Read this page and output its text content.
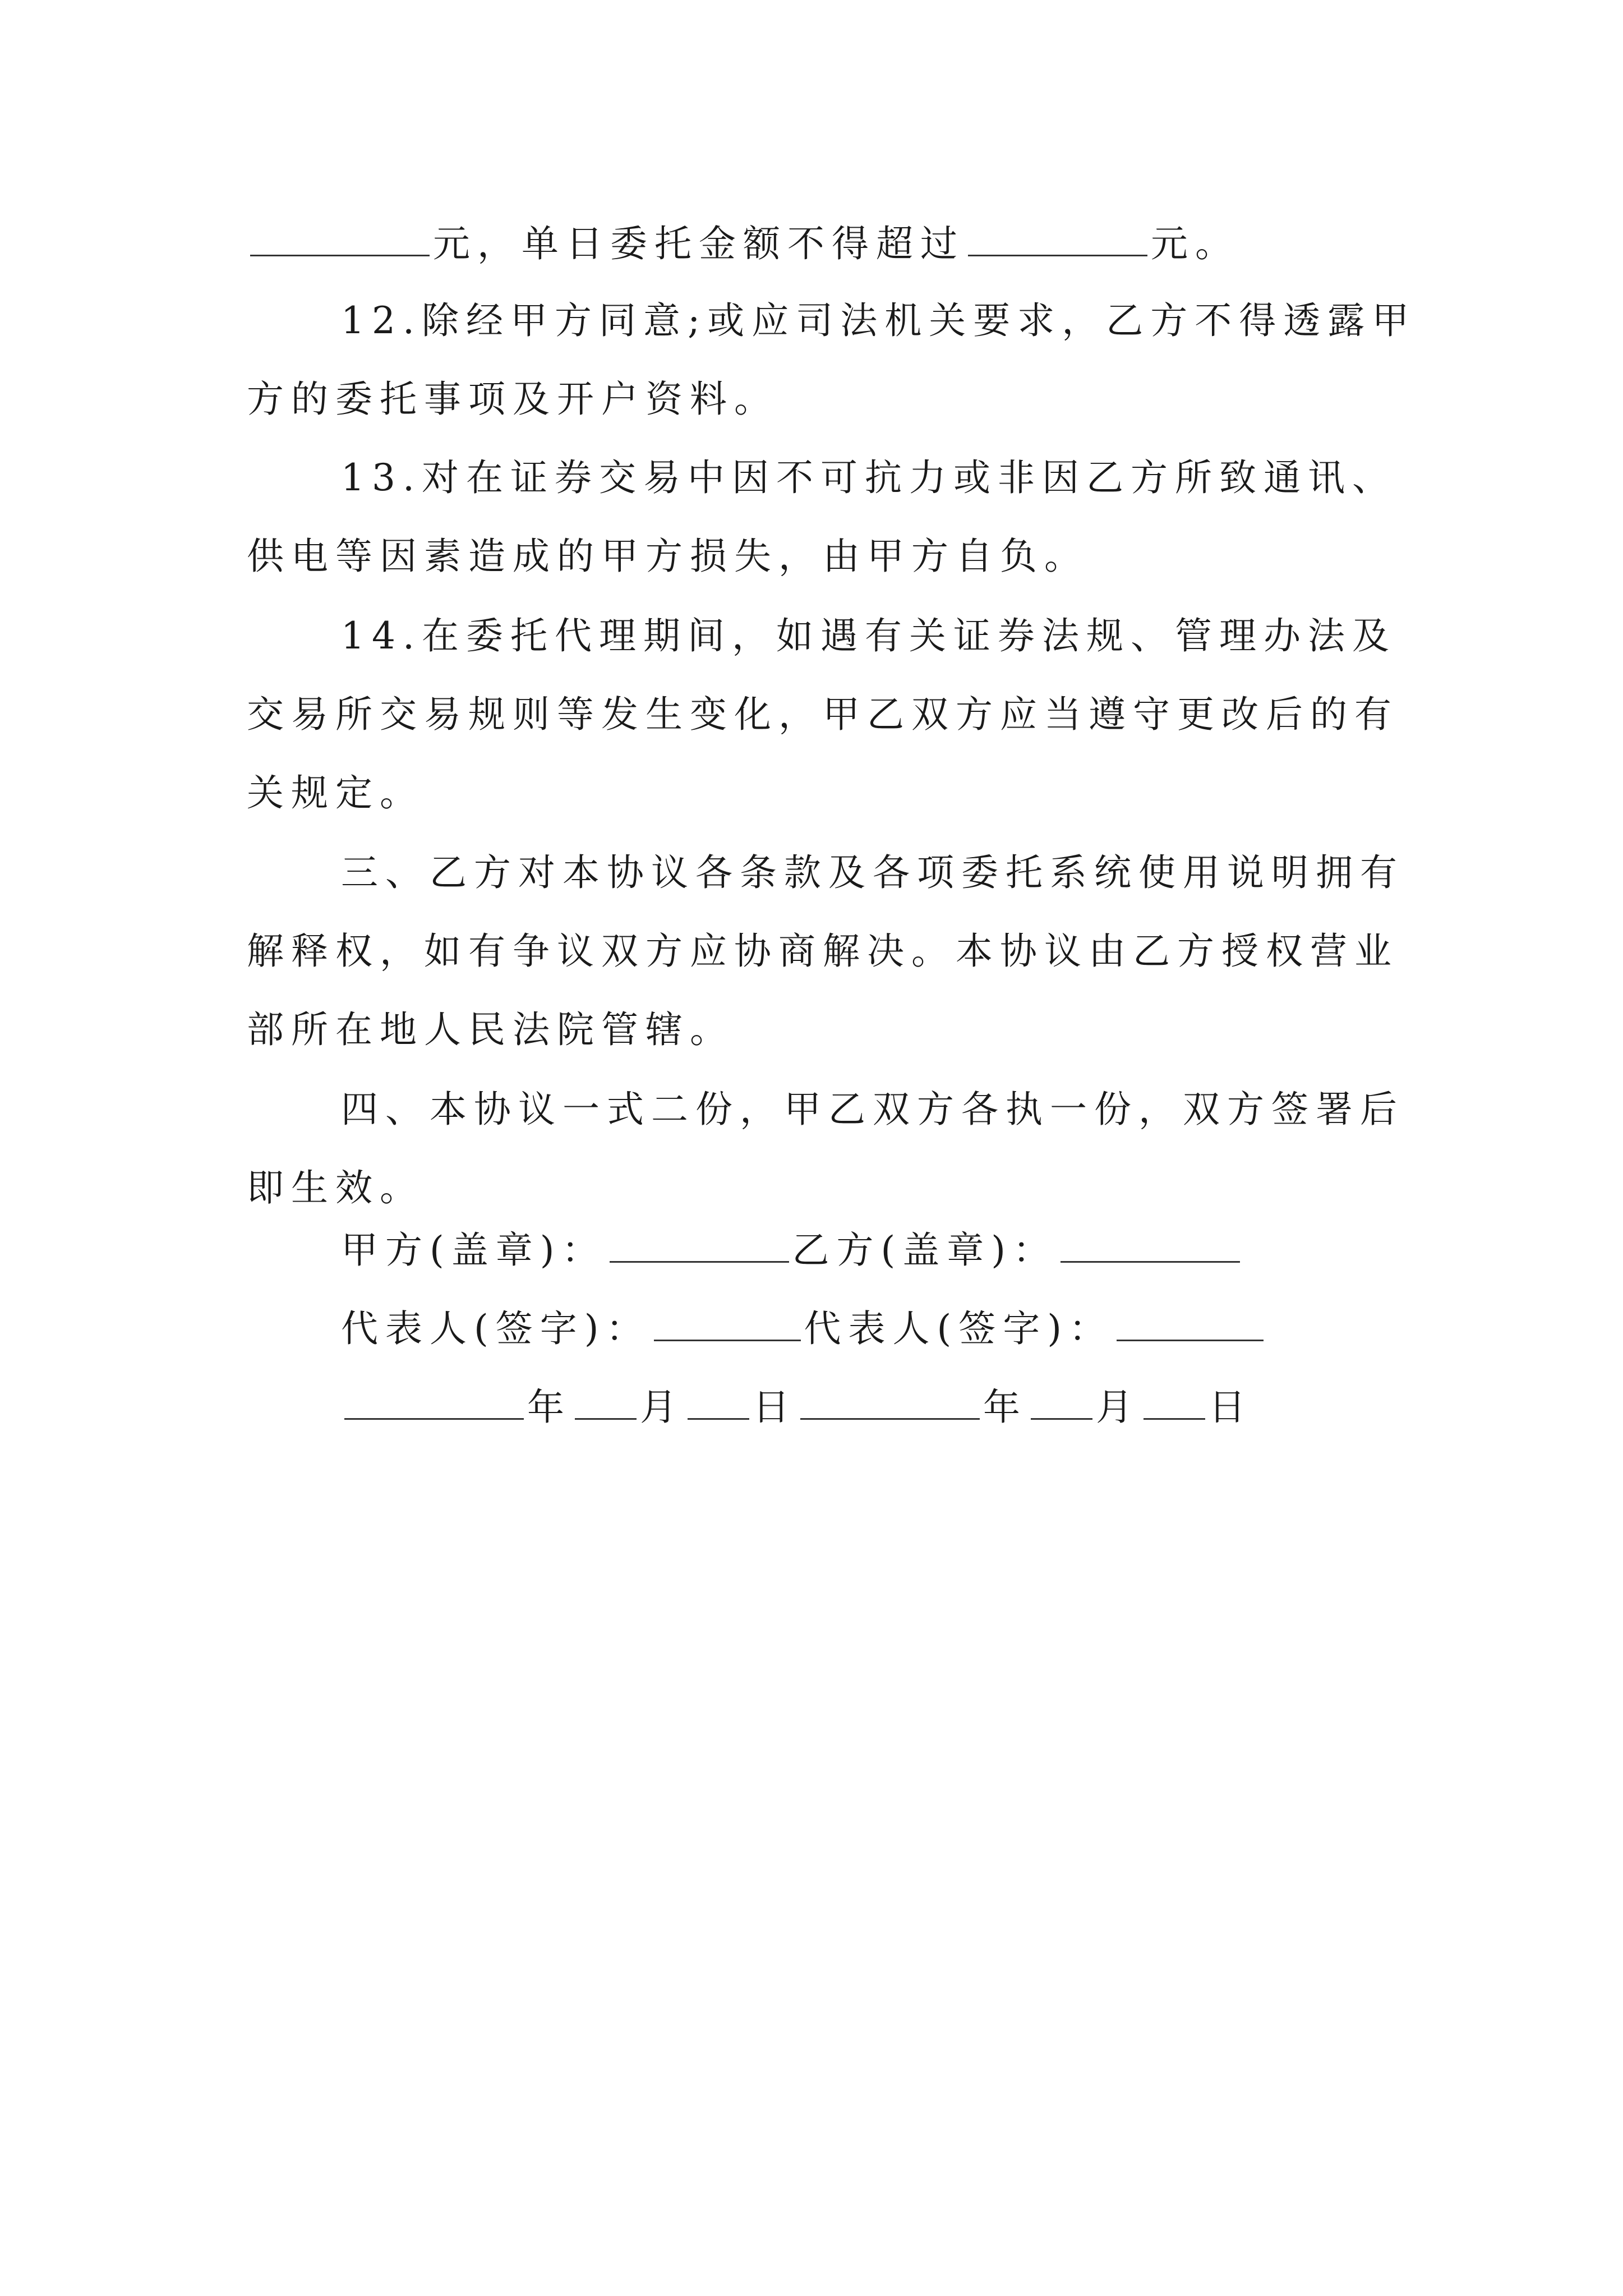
元，单日委托金额不得超过	元。
12.除经甲方同意;或应司法机关要求，乙方不得透露甲
方的委托事项及开户资料。
13.对在证券交易中因不可抗力或非因乙方所致通讯、
供电等因素造成的甲方损失，由甲方自负。
14.在委托代理期间，如遇有关证券法规、管理办法及
交易所交易规则等发生变化，甲乙双方应当遵守更改后的有
关规定。
三、乙方对本协议各条款及各项委托系统使用说明拥有
解释权，如有争议双方应协商解决。本协议由乙方授权营业
部所在地人民法院管辖。
四、本协议一式二份，甲乙双方各执一份，双方签署后
即生效。
甲方(盖章)：	乙方(盖章)：
代表人(签字)：	代表人(签字)：
年 月 日	年 月 日
